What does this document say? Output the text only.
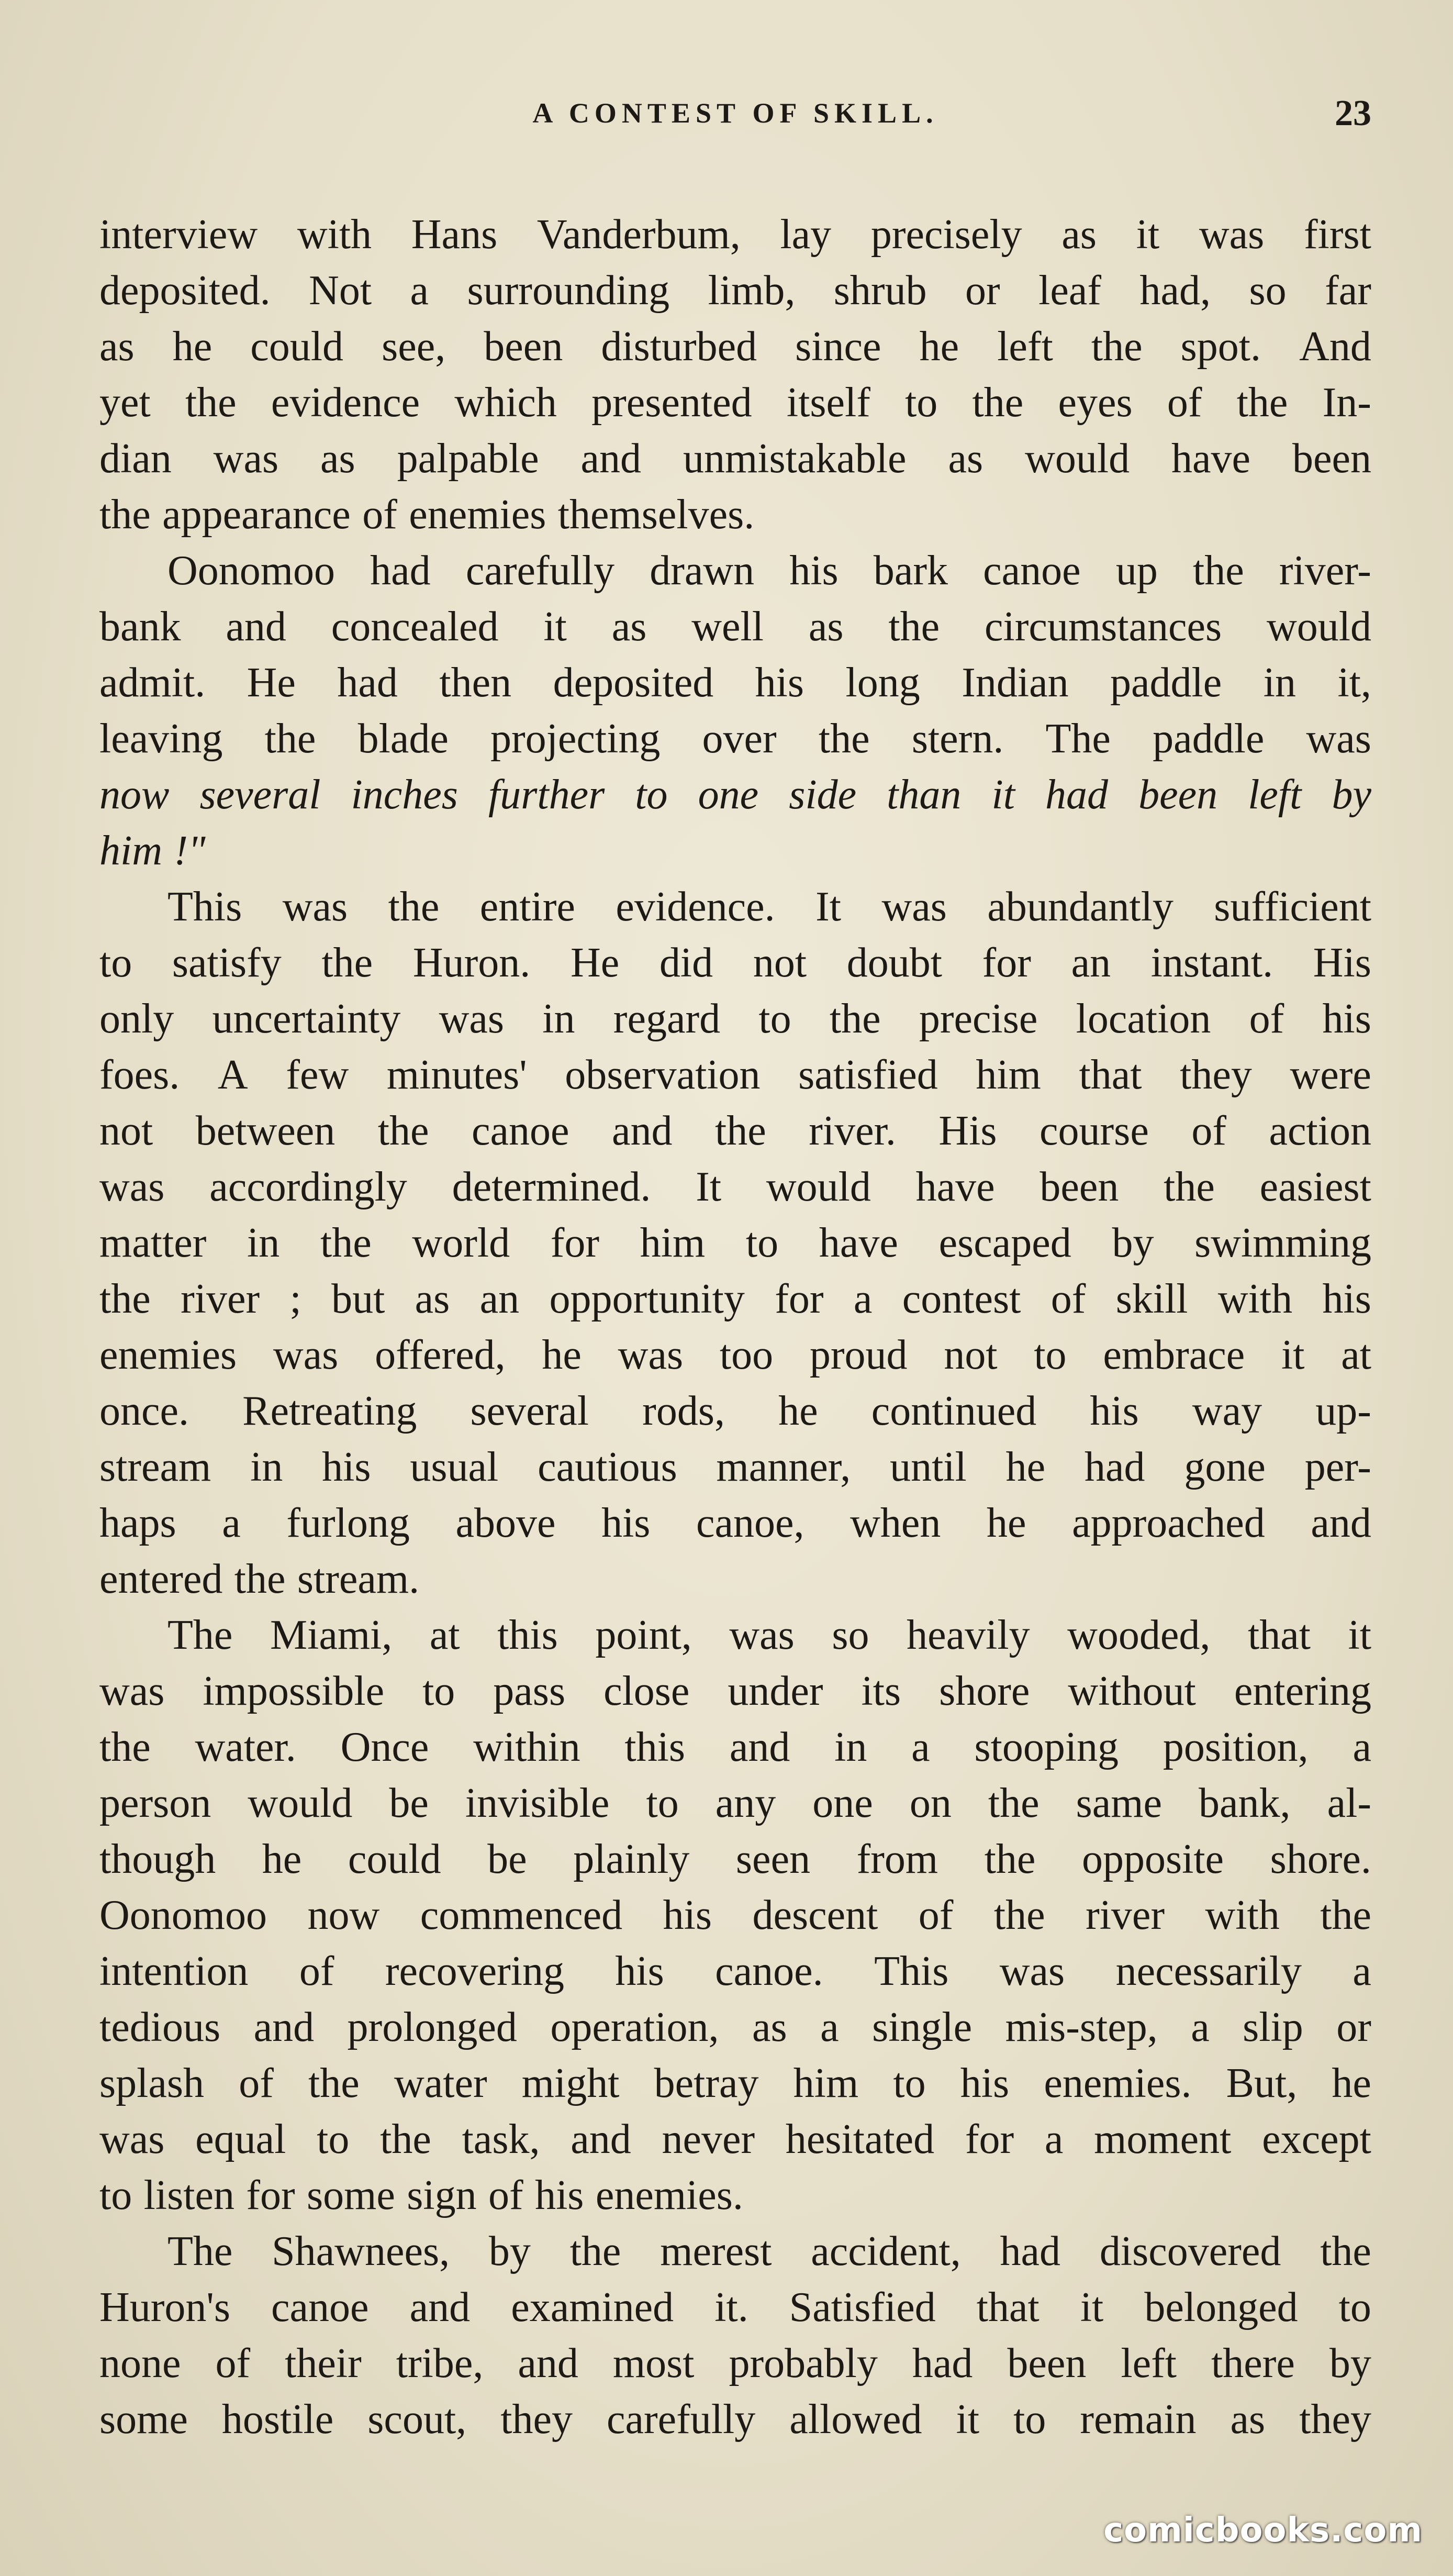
A CONTEST OF SKILL.	23
interview with Hans Vanderbum, lay precisely as it was first
deposited. Not a surrounding limb, shrub or leaf had, so far
as he could see, been disturbed since he left the spot. And
yet the evidence which presented itself to the eyes of the In-
dian was as palpable and unmistakable as would have been
the appearance of enemies themselves.
Oonomoo had carefully drawn his bark canoe up the river-
bank and concealed it as well as the circumstances would
admit. He had then deposited his long Indian paddle in it,
leaving the blade projecting over the stern. The paddle was
now several inches further to one side than it had been left by
him !"
This was the entire evidence. It was abundantly sufficient
to satisfy the Huron. He did not doubt for an instant. His
only uncertainty was in regard to the precise location of his
foes. A few minutes' observation satisfied him that they were
not between the canoe and the river. His course of action
was accordingly determined. It would have been the easiest
matter in the world for him to have escaped by swimming
the river ; but as an opportunity for a contest of skill with his
enemies was offered, he was too proud not to embrace it at
once. Retreating several rods, he continued his way up-
stream in his usual cautious manner, until he had gone per-
haps a furlong above his canoe, when he approached and
entered the stream.
The Miami, at this point, was so heavily wooded, that it
was impossible to pass close under its shore without entering
the water. Once within this and in a stooping position, a
person would be invisible to any one on the same bank, al-
though he could be plainly seen from the opposite shore.
Oonomoo now commenced his descent of the river with the
intention of recovering his canoe. This was necessarily a
tedious and prolonged operation, as a single mis-step, a slip or
splash of the water might betray him to his enemies. But, he
was equal to the task, and never hesitated for a moment except
to listen for some sign of his enemies.
The Shawnees, by the merest accident, had discovered the
Huron's canoe and examined it. Satisfied that it belonged to
none of their tribe, and most probably had been left there by
some hostile scout, they carefully allowed it to remain as they
comicbooks.com
